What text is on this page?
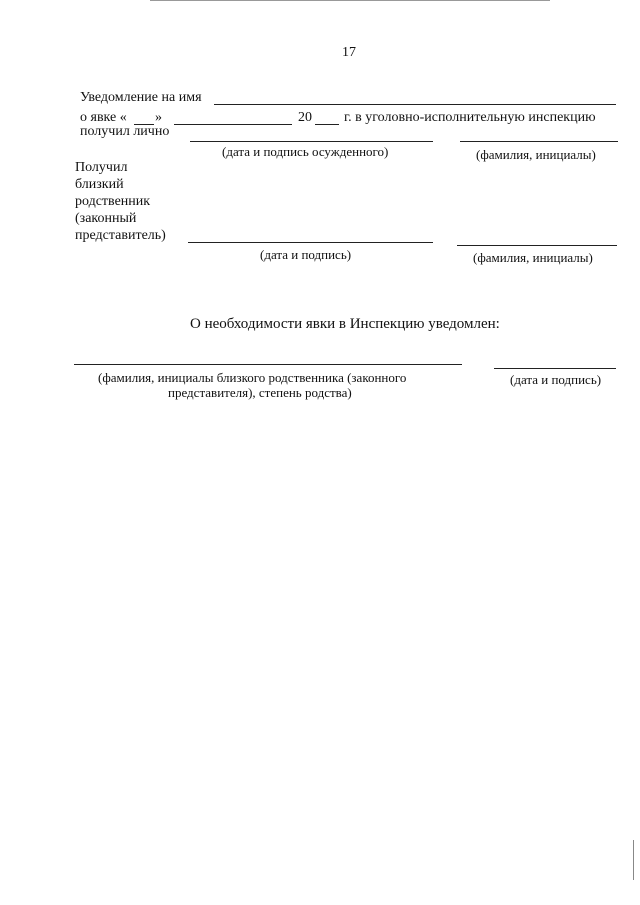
17
Уведомление на имя
о явке « »	20 г. в уголовно-исполнительную инспекцию
получил лично
(дата и подпись осужденного)	(фамилия, инициалы)
Получил
близкий
родственник
(законный
представитель)
(дата и подпись)	(фамилия, инициалы)
О необходимости явки в Инспекцию уведомлен:
(фамилия, инициалы близкого родственника (законного
представителя), степень родства)
(дата и подпись)
